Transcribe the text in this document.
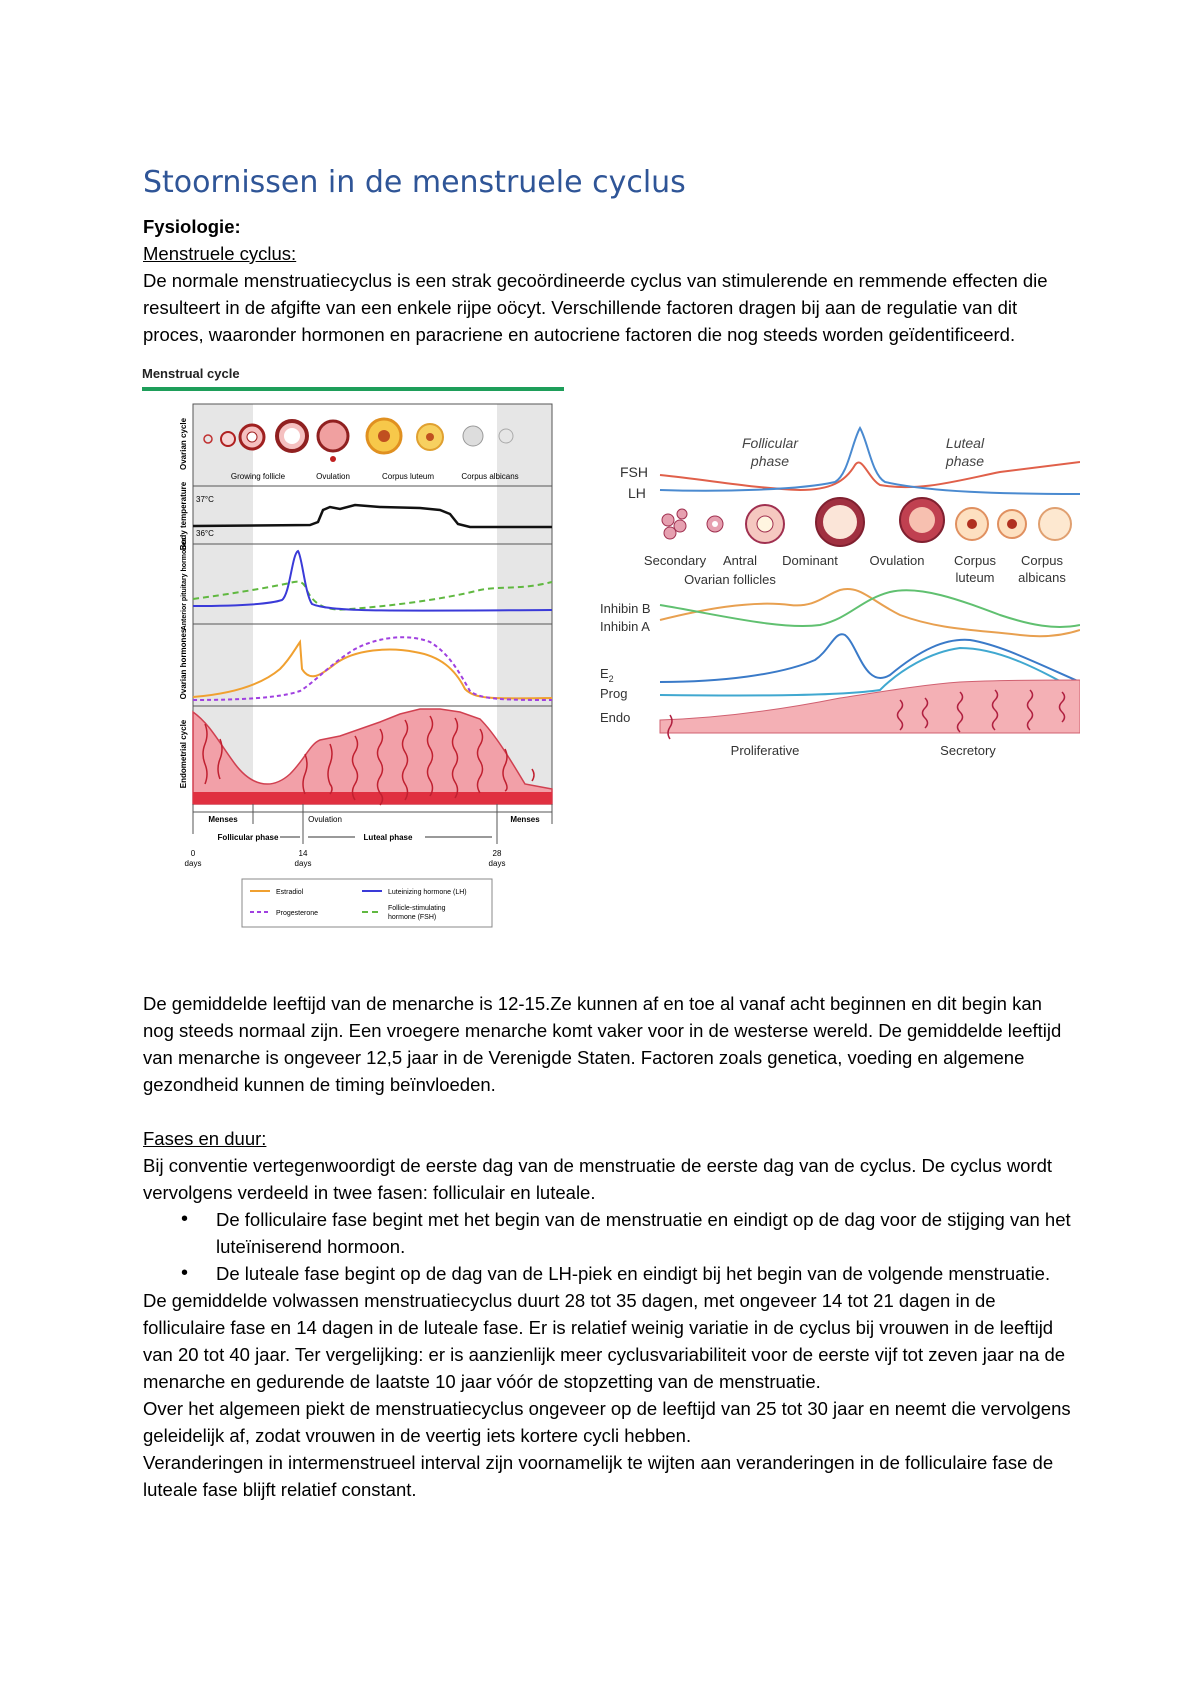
Stoornissen in de menstruele cyclus
Fysiologie:
Menstruele cyclus:
De normale menstruatiecyclus is een strak gecoördineerde cyclus van stimulerende en remmende effecten die resulteert in de afgifte van een enkele rijpe oöcyt. Verschillende factoren dragen bij aan de regulatie van dit proces, waaronder hormonen en paracriene en autocriene factoren die nog steeds worden geïdentificeerd.
Menstrual cycle
Ovarian cycle
Body temperature
Anterior pituitary hormones
Ovarian hormones
Endometrial cycle
Growing follicle	Ovulation	Corpus luteum	Corpus albicans
37°C
36°C
Menses	Ovulation	Menses
Follicular phase	Luteal phase
0	14	28
days	days	days
Estradiol	Luteinizing hormone (LH)
Progesterone
Follicle-stimulating
hormone (FSH)
Follicular
phase
Luteal
phase
FSH
LH
Secondary Antral Dominant Ovulation Corpus Corpus
luteum albicans
Ovarian follicles
Inhibin B
Inhibin A
$E_2$
Prog
Endo
Proliferative	Secretory
De gemiddelde leeftijd van de menarche is 12-15.Ze kunnen af en toe al vanaf acht beginnen en dit begin kan nog steeds normaal zijn. Een vroegere menarche komt vaker voor in de westerse wereld. De gemiddelde leeftijd van menarche is ongeveer 12,5 jaar in de Verenigde Staten. Factoren zoals genetica, voeding en algemene gezondheid kunnen de timing beïnvloeden.
Fases en duur:
Bij conventie vertegenwoordigt de eerste dag van de menstruatie de eerste dag van de cyclus. De cyclus wordt vervolgens verdeeld in twee fasen: folliculair en luteale.
• De folliculaire fase begint met het begin van de menstruatie en eindigt op de dag voor de stijging van het luteïniserend hormoon.
• De luteale fase begint op de dag van de LH-piek en eindigt bij het begin van de volgende menstruatie.
De gemiddelde volwassen menstruatiecyclus duurt 28 tot 35 dagen, met ongeveer 14 tot 21 dagen in de folliculaire fase en 14 dagen in de luteale fase. Er is relatief weinig variatie in de cyclus bij vrouwen in de leeftijd van 20 tot 40 jaar. Ter vergelijking: er is aanzienlijk meer cyclusvariabiliteit voor de eerste vijf tot zeven jaar na de menarche en gedurende de laatste 10 jaar vóór de stopzetting van de menstruatie.
Over het algemeen piekt de menstruatiecyclus ongeveer op de leeftijd van 25 tot 30 jaar en neemt die vervolgens geleidelijk af, zodat vrouwen in de veertig iets kortere cycli hebben.
Veranderingen in intermenstrueel interval zijn voornamelijk te wijten aan veranderingen in de folliculaire fase de luteale fase blijft relatief constant.
